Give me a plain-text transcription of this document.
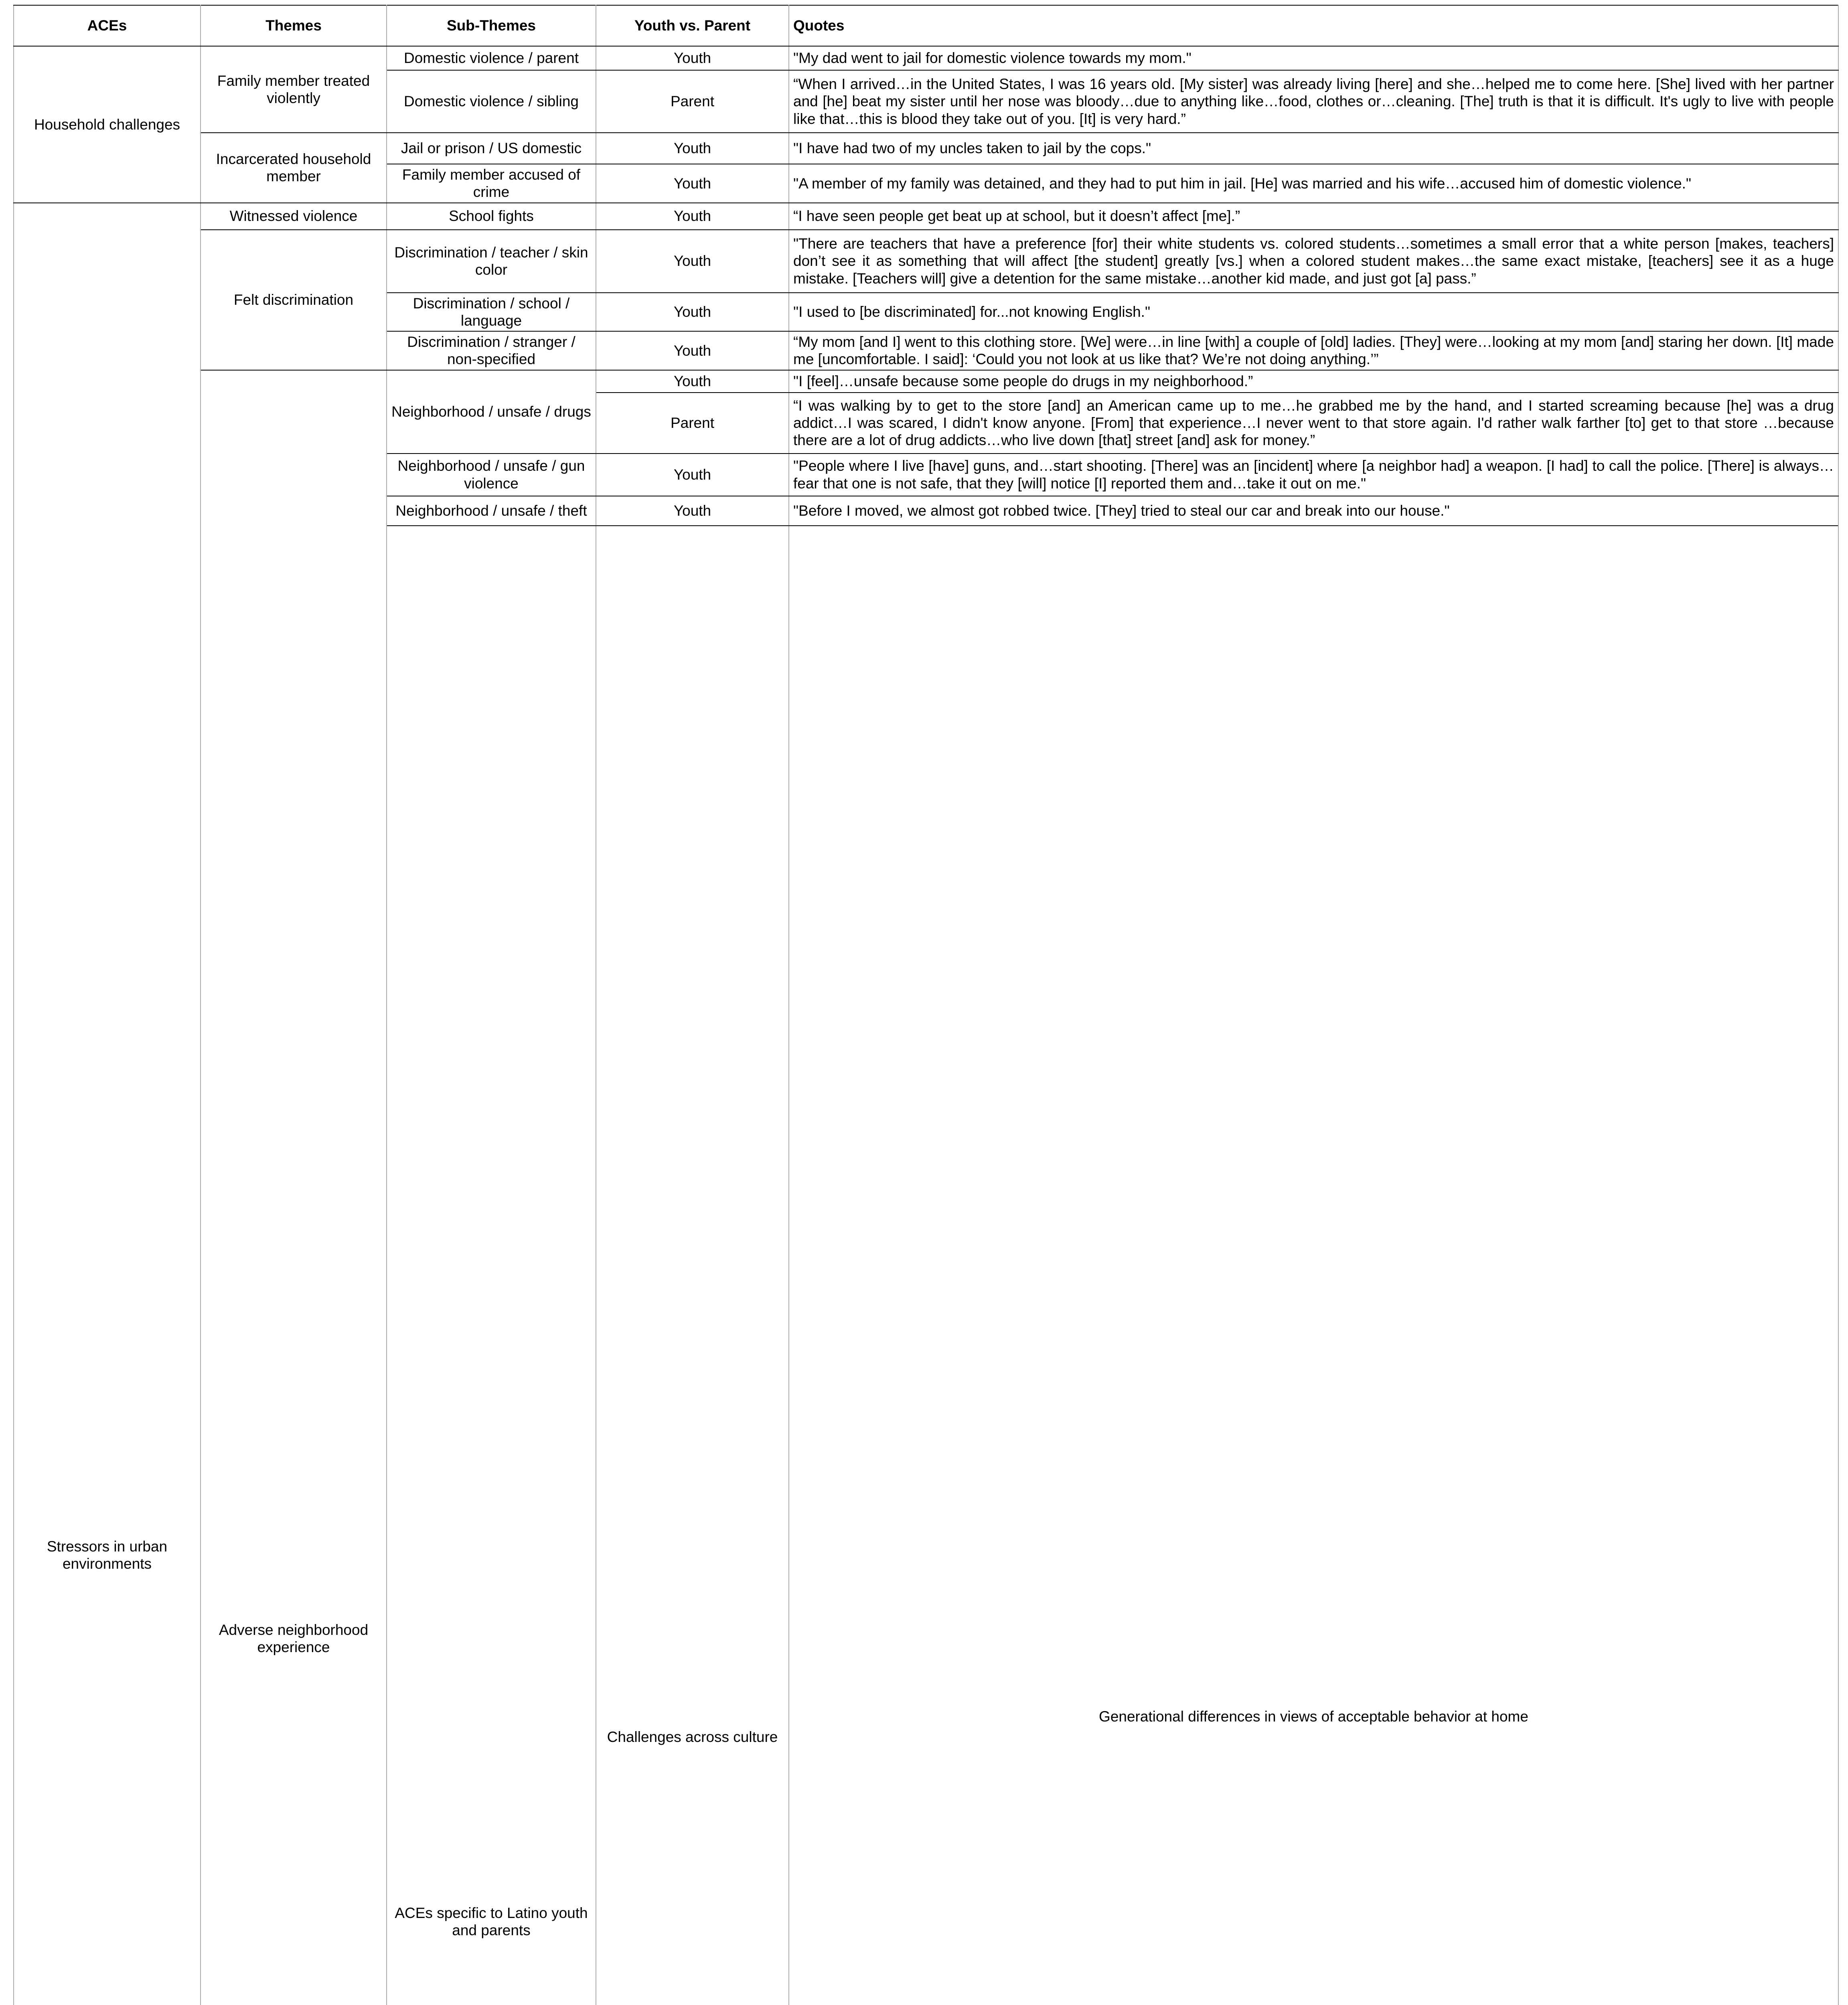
ACEs	Themes	Sub-Themes	Youth vs. Parent	Quotes	
Household challenges	Family member treated violently	Domestic violence / parent	Youth	"My dad went to jail for domestic violence towards my mom."	
		Domestic violence / sibling	Parent	“When I arrived…in the United States, I was 16 years old. [My sister] was already living [here] and she…helped me to come here. [She] lived with her partner and [he] beat my sister until her nose was bloody…due to anything like…food, clothes or…cleaning. [The] truth is that it is difficult. It's ugly to live with people like that…this is blood they take out of you. [It] is very hard.”	
	Incarcerated household member	Jail or prison / US domestic	Youth	"I have had two of my uncles taken to jail by the cops."	
		Family member accused of crime	Youth	"A member of my family was detained, and they had to put him in jail. [He] was married and his wife…accused him of domestic violence."	
Stressors in urban environments	Witnessed violence	School fights	Youth	“I have seen people get beat up at school, but it doesn’t affect [me].”	
	Felt discrimination	Discrimination / teacher / skin color	Youth	"There are teachers that have a preference [for] their white students vs. colored students…sometimes a small error that a white person [makes, teachers] don’t see it as something that will affect [the student] greatly [vs.] when a colored student makes…the same exact mistake, [teachers] see it as a huge mistake. [Teachers will] give a detention for the same mistake…another kid made, and just got [a] pass.”	
		Discrimination / school / language	Youth	"I used to [be discriminated] for...not knowing English."	
		Discrimination / stranger / non-specified	Youth	“My mom [and I] went to this clothing store. [We] were…in line [with] a couple of [old] ladies. [They] were…looking at my mom [and] staring her down. [It] made me [uncomfortable. I said]: ‘Could you not look at us like that? We’re not doing anything.’”	
	Adverse neighborhood experience	Neighborhood / unsafe / drugs	Youth	"I [feel]…unsafe because some people do drugs in my neighborhood.”	
			Parent	“I was walking by to get to the store [and] an American came up to me…he grabbed me by the hand, and I started screaming because [he] was a drug addict…I was scared, I didn't know anyone. [From] that experience…I never went to that store again. I'd rather walk farther [to] get to that store …because there are a lot of drug addicts…who live down [that] street [and] ask for money.”	
		Neighborhood / unsafe / gun violence	Youth	"People where I live [have] guns, and…start shooting. [There] was an [incident] where [a neighbor had] a weapon. [I had] to call the police. [There] is always…fear that one is not safe, that they [will] notice [I] reported them and…take it out on me."	
		Neighborhood / unsafe / theft	Youth	"Before I moved, we almost got robbed twice. [They] tried to steal our car and break into our house."	
		ACEs specific to Latino youth and parents	Challenges across culture	Generational differences in views of acceptable behavior at home		
